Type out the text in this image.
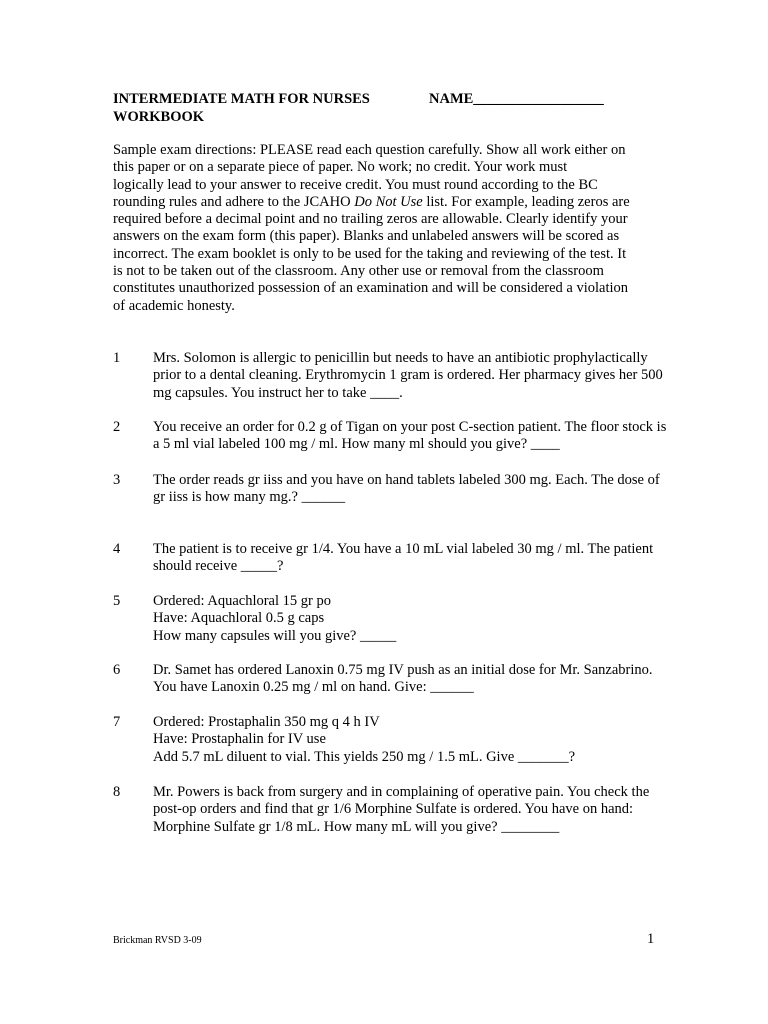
INTERMEDIATE MATH FOR NURSES	NAME__________________
WORKBOOK
Sample exam directions: PLEASE read each question carefully. Show all work either on
this paper or on a separate piece of paper. No work; no credit. Your work must
logically lead to your answer to receive credit. You must round according to the BC
rounding rules and adhere to the JCAHO Do Not Use list. For example, leading zeros are
required before a decimal point and no trailing zeros are allowable. Clearly identify your
answers on the exam form (this paper). Blanks and unlabeled answers will be scored as
incorrect. The exam booklet is only to be used for the taking and reviewing of the test. It
is not to be taken out of the classroom. Any other use or removal from the classroom
constitutes unauthorized possession of an examination and will be considered a violation
of academic honesty.
1	Mrs. Solomon is allergic to penicillin but needs to have an antibiotic prophylactically
prior to a dental cleaning. Erythromycin 1 gram is ordered. Her pharmacy gives her 500
mg capsules. You instruct her to take ____.
2	You receive an order for 0.2 g of Tigan on your post C-section patient. The floor stock is
a 5 ml vial labeled 100 mg / ml. How many ml should you give? ____
3	The order reads gr iiss and you have on hand tablets labeled 300 mg. Each. The dose of
gr iiss is how many mg.? ______
4	The patient is to receive gr 1/4. You have a 10 mL vial labeled 30 mg / ml. The patient
should receive _____?
5	Ordered: Aquachloral 15 gr po
Have: Aquachloral 0.5 g caps
How many capsules will you give? _____
6	Dr. Samet has ordered Lanoxin 0.75 mg IV push as an initial dose for Mr. Sanzabrino.
You have Lanoxin 0.25 mg / ml on hand. Give: ______
7	Ordered: Prostaphalin 350 mg q 4 h IV
Have: Prostaphalin for IV use
Add 5.7 mL diluent to vial. This yields 250 mg / 1.5 mL. Give _______?
8	Mr. Powers is back from surgery and in complaining of operative pain. You check the
post-op orders and find that gr 1/6 Morphine Sulfate is ordered. You have on hand:
Morphine Sulfate gr 1/8 mL. How many mL will you give? ________
Brickman RVSD 3-09	1
